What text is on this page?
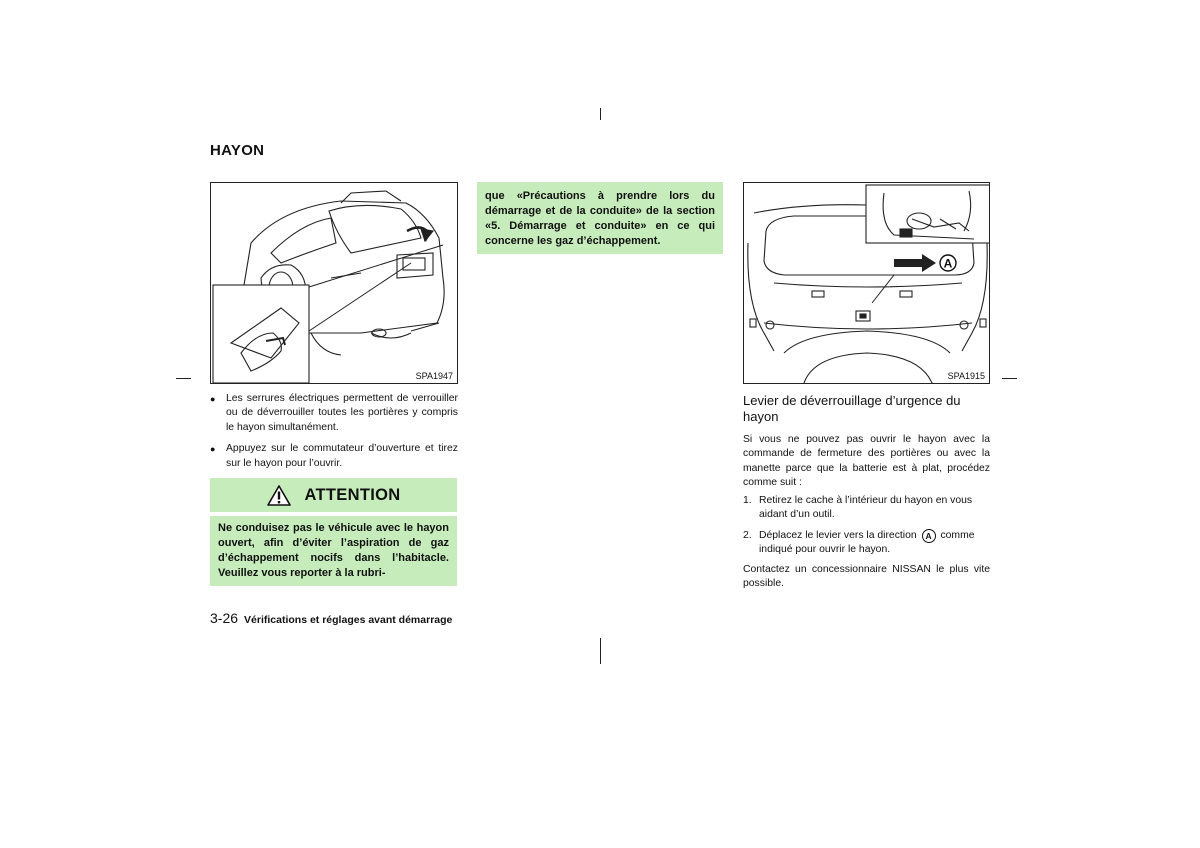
HAYON
SPA1947
●	Les serrures électriques permettent de verrouiller ou de déverrouiller toutes les portières y compris le hayon simultanément.
●	Appuyez sur le commutateur d’ouverture et tirez sur le hayon pour l’ouvrir.
ATTENTION
Ne conduisez pas le véhicule avec le hayon ouvert, afin d’éviter l’aspiration de gaz d’échappement nocifs dans l’habitacle. Veuillez vous reporter à la rubri-
que «Précautions à prendre lors du démarrage et de la conduite» de la section «5. Démarrage et conduite» en ce qui concerne les gaz d’échappement.
A
SPA1915
Levier de déverrouillage d’urgence du hayon
Si vous ne pouvez pas ouvrir le hayon avec la commande de fermeture des portières ou avec la manette parce que la batterie est à plat, procédez comme suit :
1. Retirez le cache à l’intérieur du hayon en vous aidant d’un outil.
2. Déplacez le levier vers la direction A comme indiqué pour ouvrir le hayon.
Contactez un concessionnaire NISSAN le plus vite possible.
3-26 Vérifications et réglages avant démarrage
